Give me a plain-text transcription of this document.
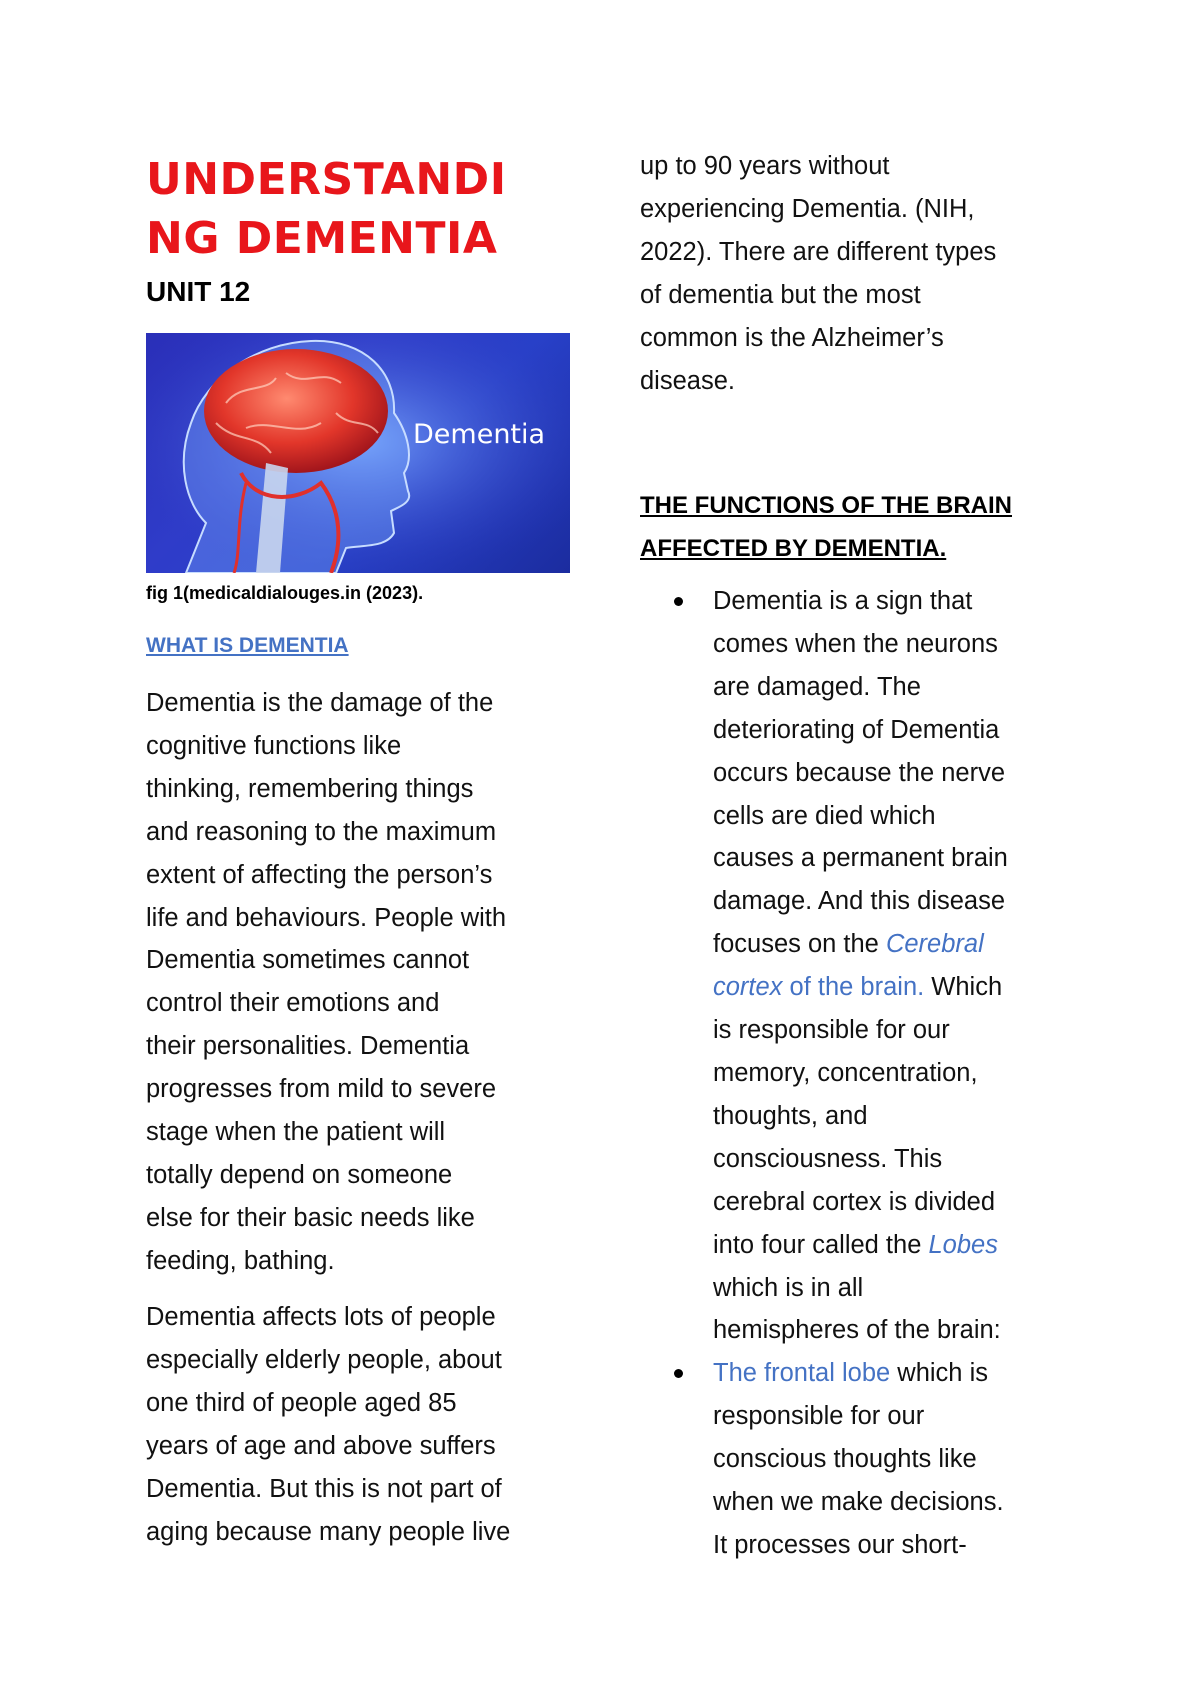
UNDERSTANDI
NG DEMENTIA
UNIT 12
Dementia

fig 1(medicaldialouges.in (2023).

WHAT IS DEMENTIA

Dementia is the damage of the
cognitive functions like
thinking, remembering things
and reasoning to the maximum
extent of affecting the person’s
life and behaviours. People with
Dementia sometimes cannot
control their emotions and
their personalities. Dementia
progresses from mild to severe
stage when the patient will
totally depend on someone
else for their basic needs like
feeding, bathing.

Dementia affects lots of people
especially elderly people, about
one third of people aged 85
years of age and above suffers
Dementia. But this is not part of
aging because many people live

up to 90 years without
experiencing Dementia. (NIH,
2022). There are different types
of dementia but the most
common is the Alzheimer’s
disease.

THE FUNCTIONS OF THE BRAIN
AFFECTED BY DEMENTIA.
Dementia is a sign that
comes when the neurons
are damaged. The
deteriorating of Dementia
occurs because the nerve
cells are died which
causes a permanent brain
damage. And this disease
focuses on the Cerebral
cortex of the brain. Which
is responsible for our
memory, concentration,
thoughts, and
consciousness. This
cerebral cortex is divided
into four called the Lobes
which is in all
hemispheres of the brain:
The frontal lobe which is
responsible for our
conscious thoughts like
when we make decisions.
It processes our short-
